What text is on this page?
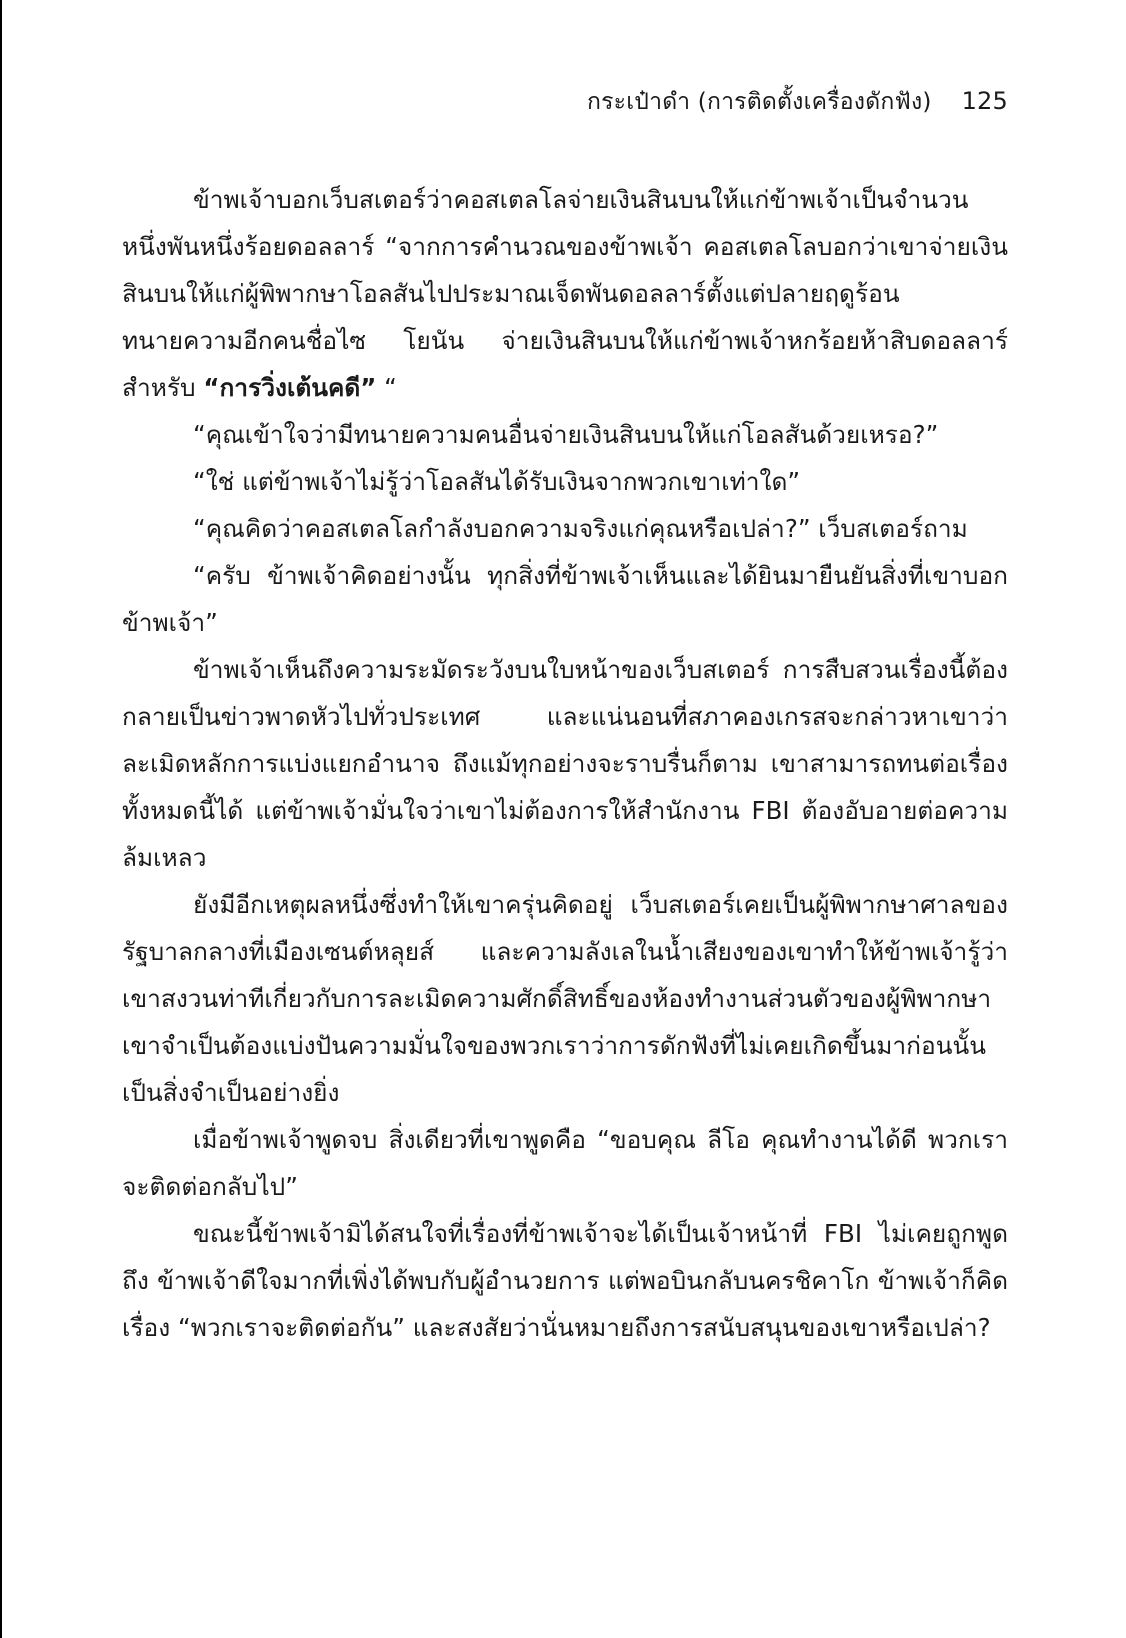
กระเป๋าดำ (การติดตั้งเครื่องดักฟัง) 125

ข้าพเจ้าบอกเว็บสเตอร์ว่าคอสเตลโลจ่ายเงินสินบนให้แก่ข้าพเจ้าเป็นจำนวนหนึ่งพันหนึ่งร้อยดอลลาร์ “จากการคำนวณของข้าพเจ้า คอสเตลโลบอกว่าเขาจ่ายเงินสินบนให้แก่ผู้พิพากษาโอลสันไปประมาณเจ็ดพันดอลลาร์ตั้งแต่ปลายฤดูร้อน ทนายความอีกคนชื่อไซ โยนัน จ่ายเงินสินบนให้แก่ข้าพเจ้าหกร้อยห้าสิบดอลลาร์ สำหรับ “การวิ่งเต้นคดี” “

“คุณเข้าใจว่ามีทนายความคนอื่นจ่ายเงินสินบนให้แก่โอลสันด้วยเหรอ?”

“ใช่ แต่ข้าพเจ้าไม่รู้ว่าโอลสันได้รับเงินจากพวกเขาเท่าใด”

“คุณคิดว่าคอสเตลโลกำลังบอกความจริงแก่คุณหรือเปล่า?” เว็บสเตอร์ถาม

“ครับ ข้าพเจ้าคิดอย่างนั้น ทุกสิ่งที่ข้าพเจ้าเห็นและได้ยินมายืนยันสิ่งที่เขาบอกข้าพเจ้า”

ข้าพเจ้าเห็นถึงความระมัดระวังบนใบหน้าของเว็บสเตอร์ การสืบสวนเรื่องนี้ต้องกลายเป็นข่าวพาดหัวไปทั่วประเทศ และแน่นอนที่สภาคองเกรสจะกล่าวหาเขาว่าละเมิดหลักการแบ่งแยกอำนาจ ถึงแม้ทุกอย่างจะราบรื่นก็ตาม เขาสามารถทนต่อเรื่องทั้งหมดนี้ได้ แต่ข้าพเจ้ามั่นใจว่าเขาไม่ต้องการให้สำนักงาน FBI ต้องอับอายต่อความล้มเหลว

ยังมีอีกเหตุผลหนึ่งซึ่งทำให้เขาครุ่นคิดอยู่ เว็บสเตอร์เคยเป็นผู้พิพากษาศาลของรัฐบาลกลางที่เมืองเซนต์หลุยส์ และความลังเลในน้ำเสียงของเขาทำให้ข้าพเจ้ารู้ว่าเขาสงวนท่าทีเกี่ยวกับการละเมิดความศักดิ์สิทธิ์ของห้องทำงานส่วนตัวของผู้พิพากษา เขาจำเป็นต้องแบ่งปันความมั่นใจของพวกเราว่าการดักฟังที่ไม่เคยเกิดขึ้นมาก่อนนั้นเป็นสิ่งจำเป็นอย่างยิ่ง

เมื่อข้าพเจ้าพูดจบ สิ่งเดียวที่เขาพูดคือ “ขอบคุณ ลีโอ คุณทำงานได้ดี พวกเราจะติดต่อกลับไป”

ขณะนี้ข้าพเจ้ามิได้สนใจที่เรื่องที่ข้าพเจ้าจะได้เป็นเจ้าหน้าที่ FBI ไม่เคยถูกพูดถึง ข้าพเจ้าดีใจมากที่เพิ่งได้พบกับผู้อำนวยการ แต่พอบินกลับนครชิคาโก ข้าพเจ้าก็คิดเรื่อง “พวกเราจะติดต่อกัน” และสงสัยว่านั่นหมายถึงการสนับสนุนของเขาหรือเปล่า?
